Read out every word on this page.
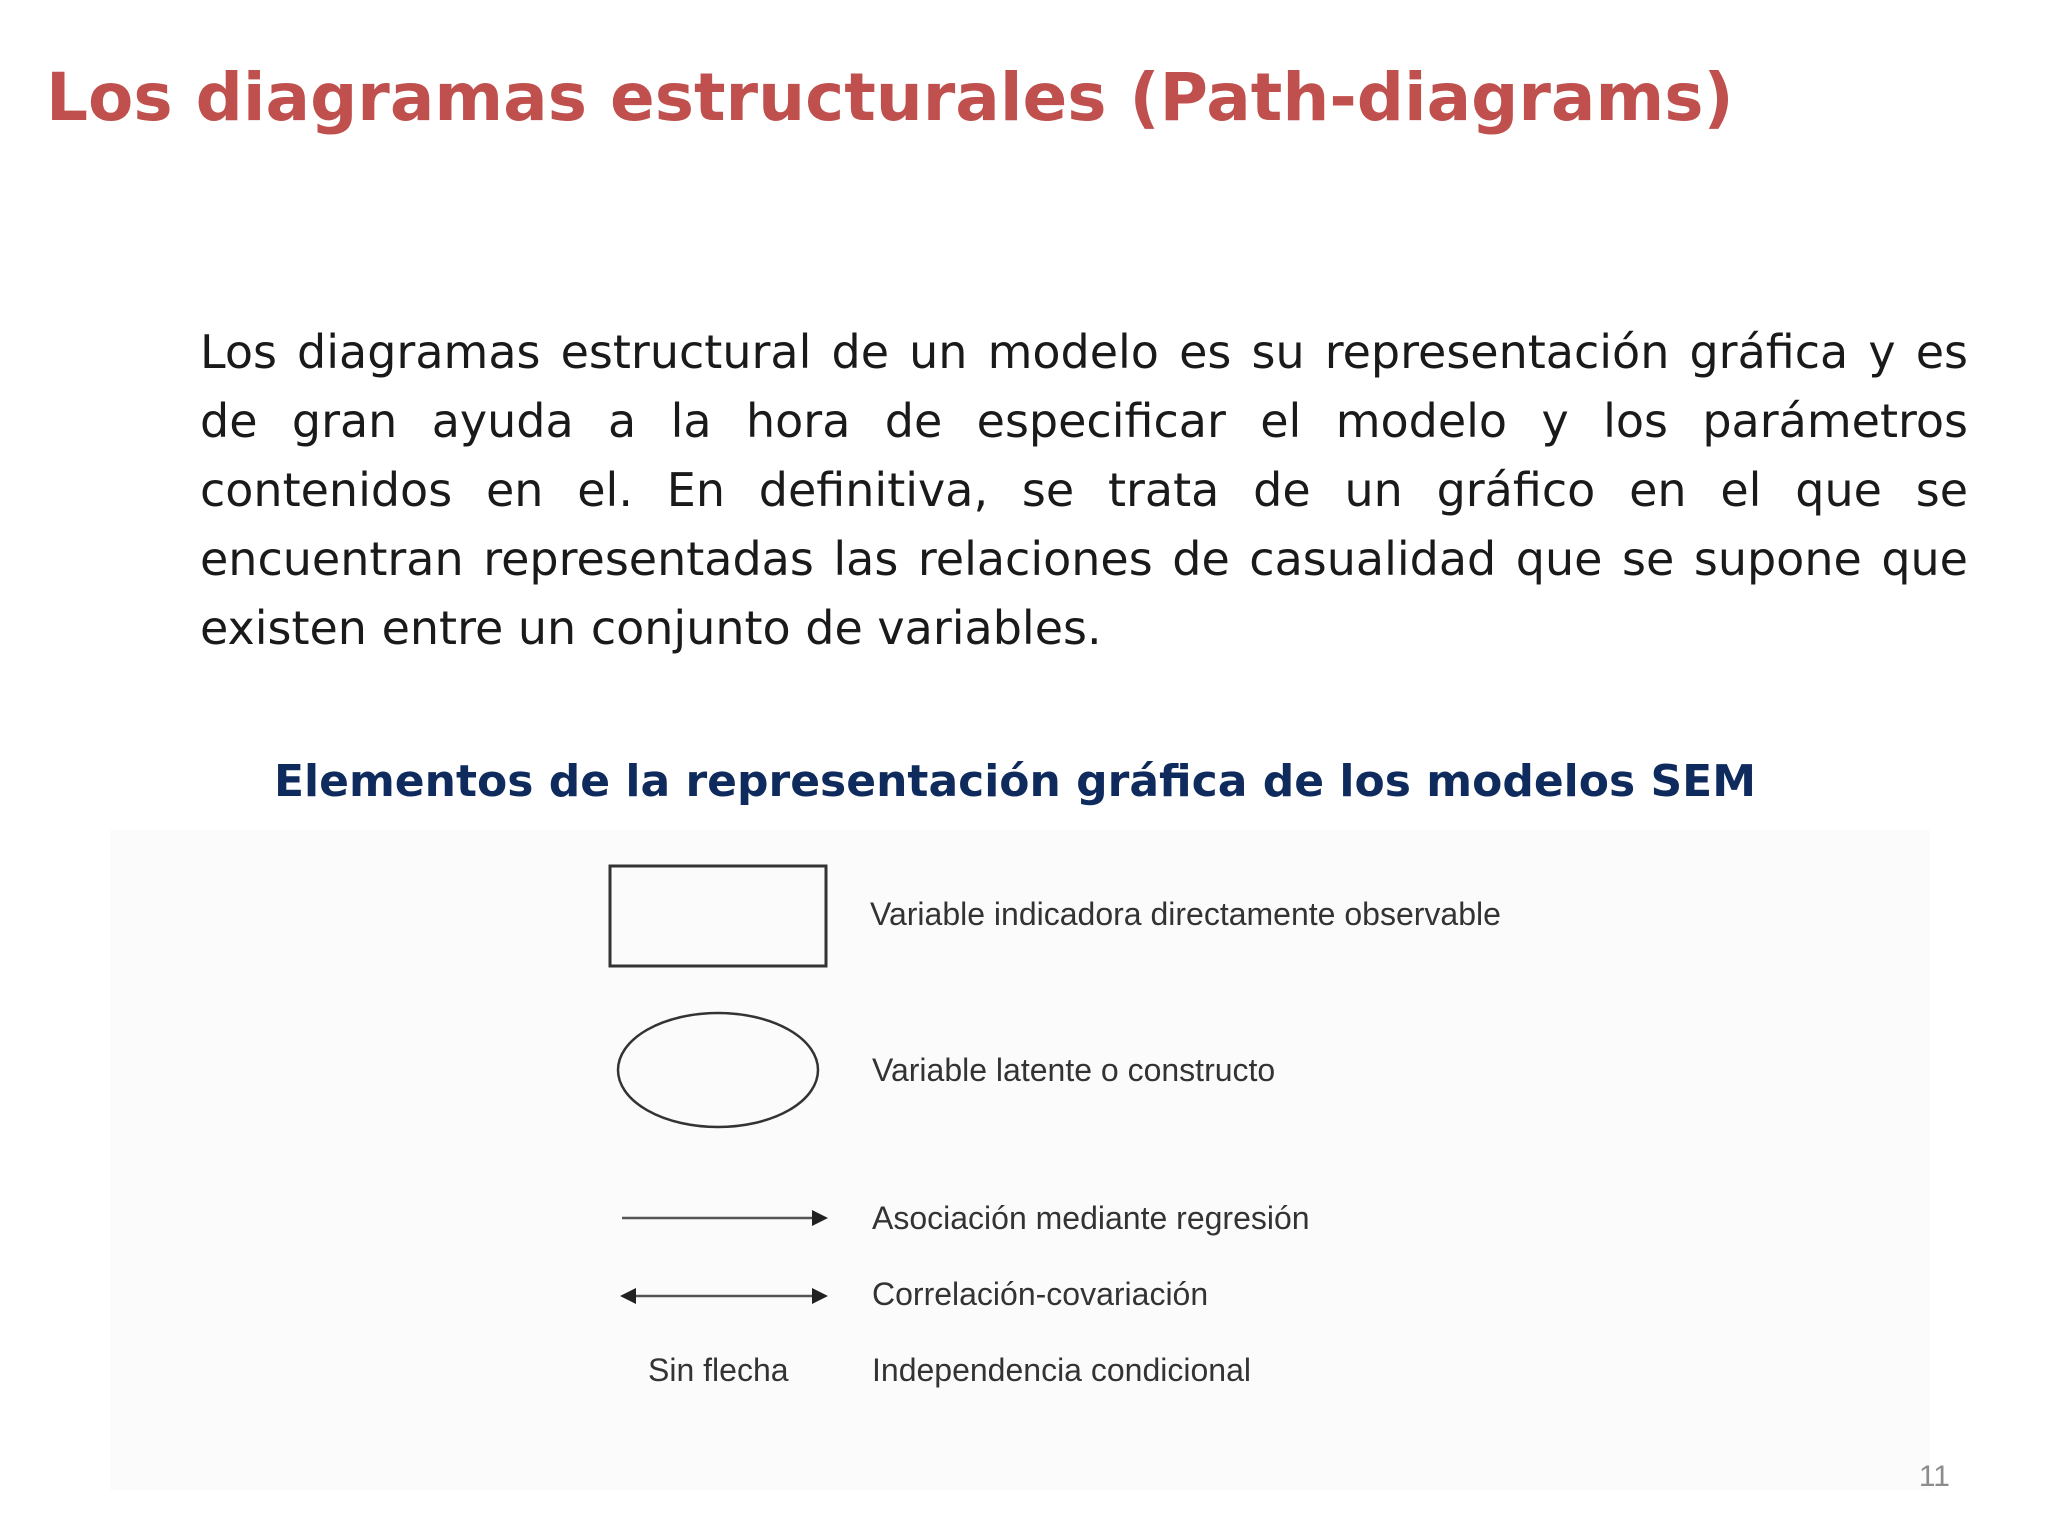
Los diagramas estructurales (Path-diagrams)

Los diagramas estructural de un modelo es su representación gráfica y es de gran ayuda a la hora de especificar el modelo y los parámetros contenidos en el. En definitiva, se trata de un gráfico en el que se encuentran representadas las relaciones de casualidad que se supone que existen entre un conjunto de variables.

Elementos de la representación gráfica de los modelos SEM
Variable indicadora directamente observable
Variable latente o constructo
Asociación mediante regresión
Correlación-covariación
Sin flecha	Independencia condicional
11
